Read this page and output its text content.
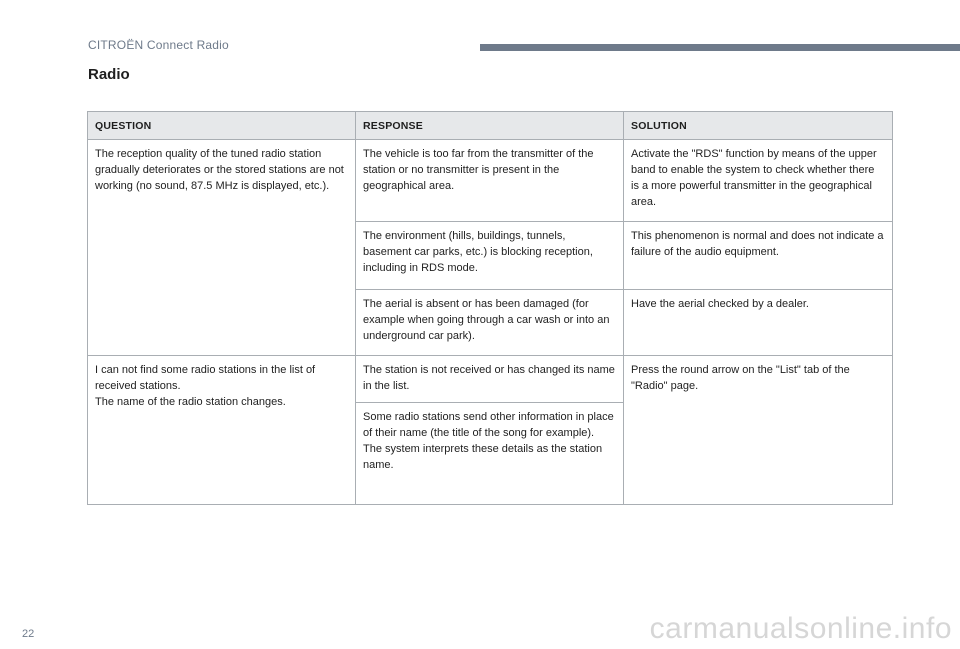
CITROËN Connect Radio
Radio
QUESTION	RESPONSE	SOLUTION

The reception quality of the tuned radio station gradually deteriorates or the stored stations are not working (no sound, 87.5 MHz is displayed, etc.).	The vehicle is too far from the transmitter of the station or no transmitter is present in the geographical area.	Activate the "RDS" function by means of the upper band to enable the system to check whether there is a more powerful transmitter in the geographical area.

	The environment (hills, buildings, tunnels, basement car parks, etc.) is blocking reception, including in RDS mode.	This phenomenon is normal and does not indicate a failure of the audio equipment.

	The aerial is absent or has been damaged (for example when going through a car wash or into an underground car park).	Have the aerial checked by a dealer.

I can not find some radio stations in the list of received stations.
The name of the radio station changes.	The station is not received or has changed its name in the list.	Press the round arrow on the "List" tab of the "Radio" page.

	Some radio stations send other information in place of their name (the title of the song for example).
The system interprets these details as the station name.	
22	carmanualsonline.info
